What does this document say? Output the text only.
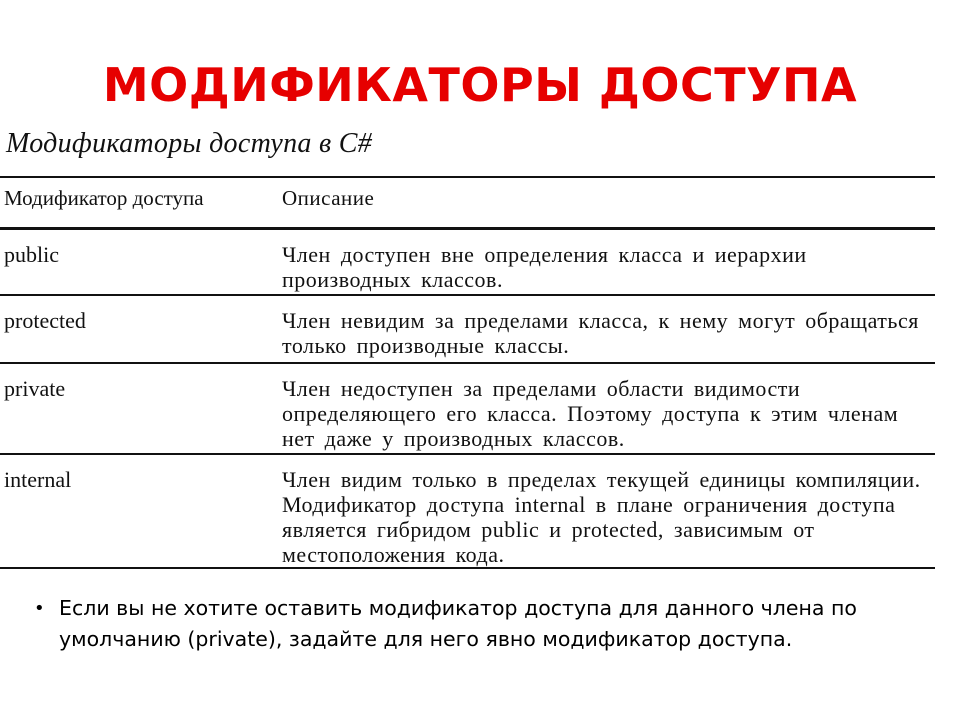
МОДИФИКАТОРЫ ДОСТУПА
Модификаторы доступа в С#
Модификатор доступа	Описание

public	Член доступен вне определения класса и иерархии производных классов.

protected	Член невидим за пределами класса, к нему могут обращаться только производные классы.

private	Член недоступен за пределами области видимости определяющего его класса. Поэтому доступа к этим членам нет даже у производных классов.

internal	Член видим только в пределах текущей единицы компиляции. Модификатор доступа internal в плане ограничения доступа является гибридом public и protected, зависимым от местоположения кода.
• Если вы не хотите оставить модификатор доступа для данного члена по умолчанию (private), задайте для него явно модификатор доступа.
